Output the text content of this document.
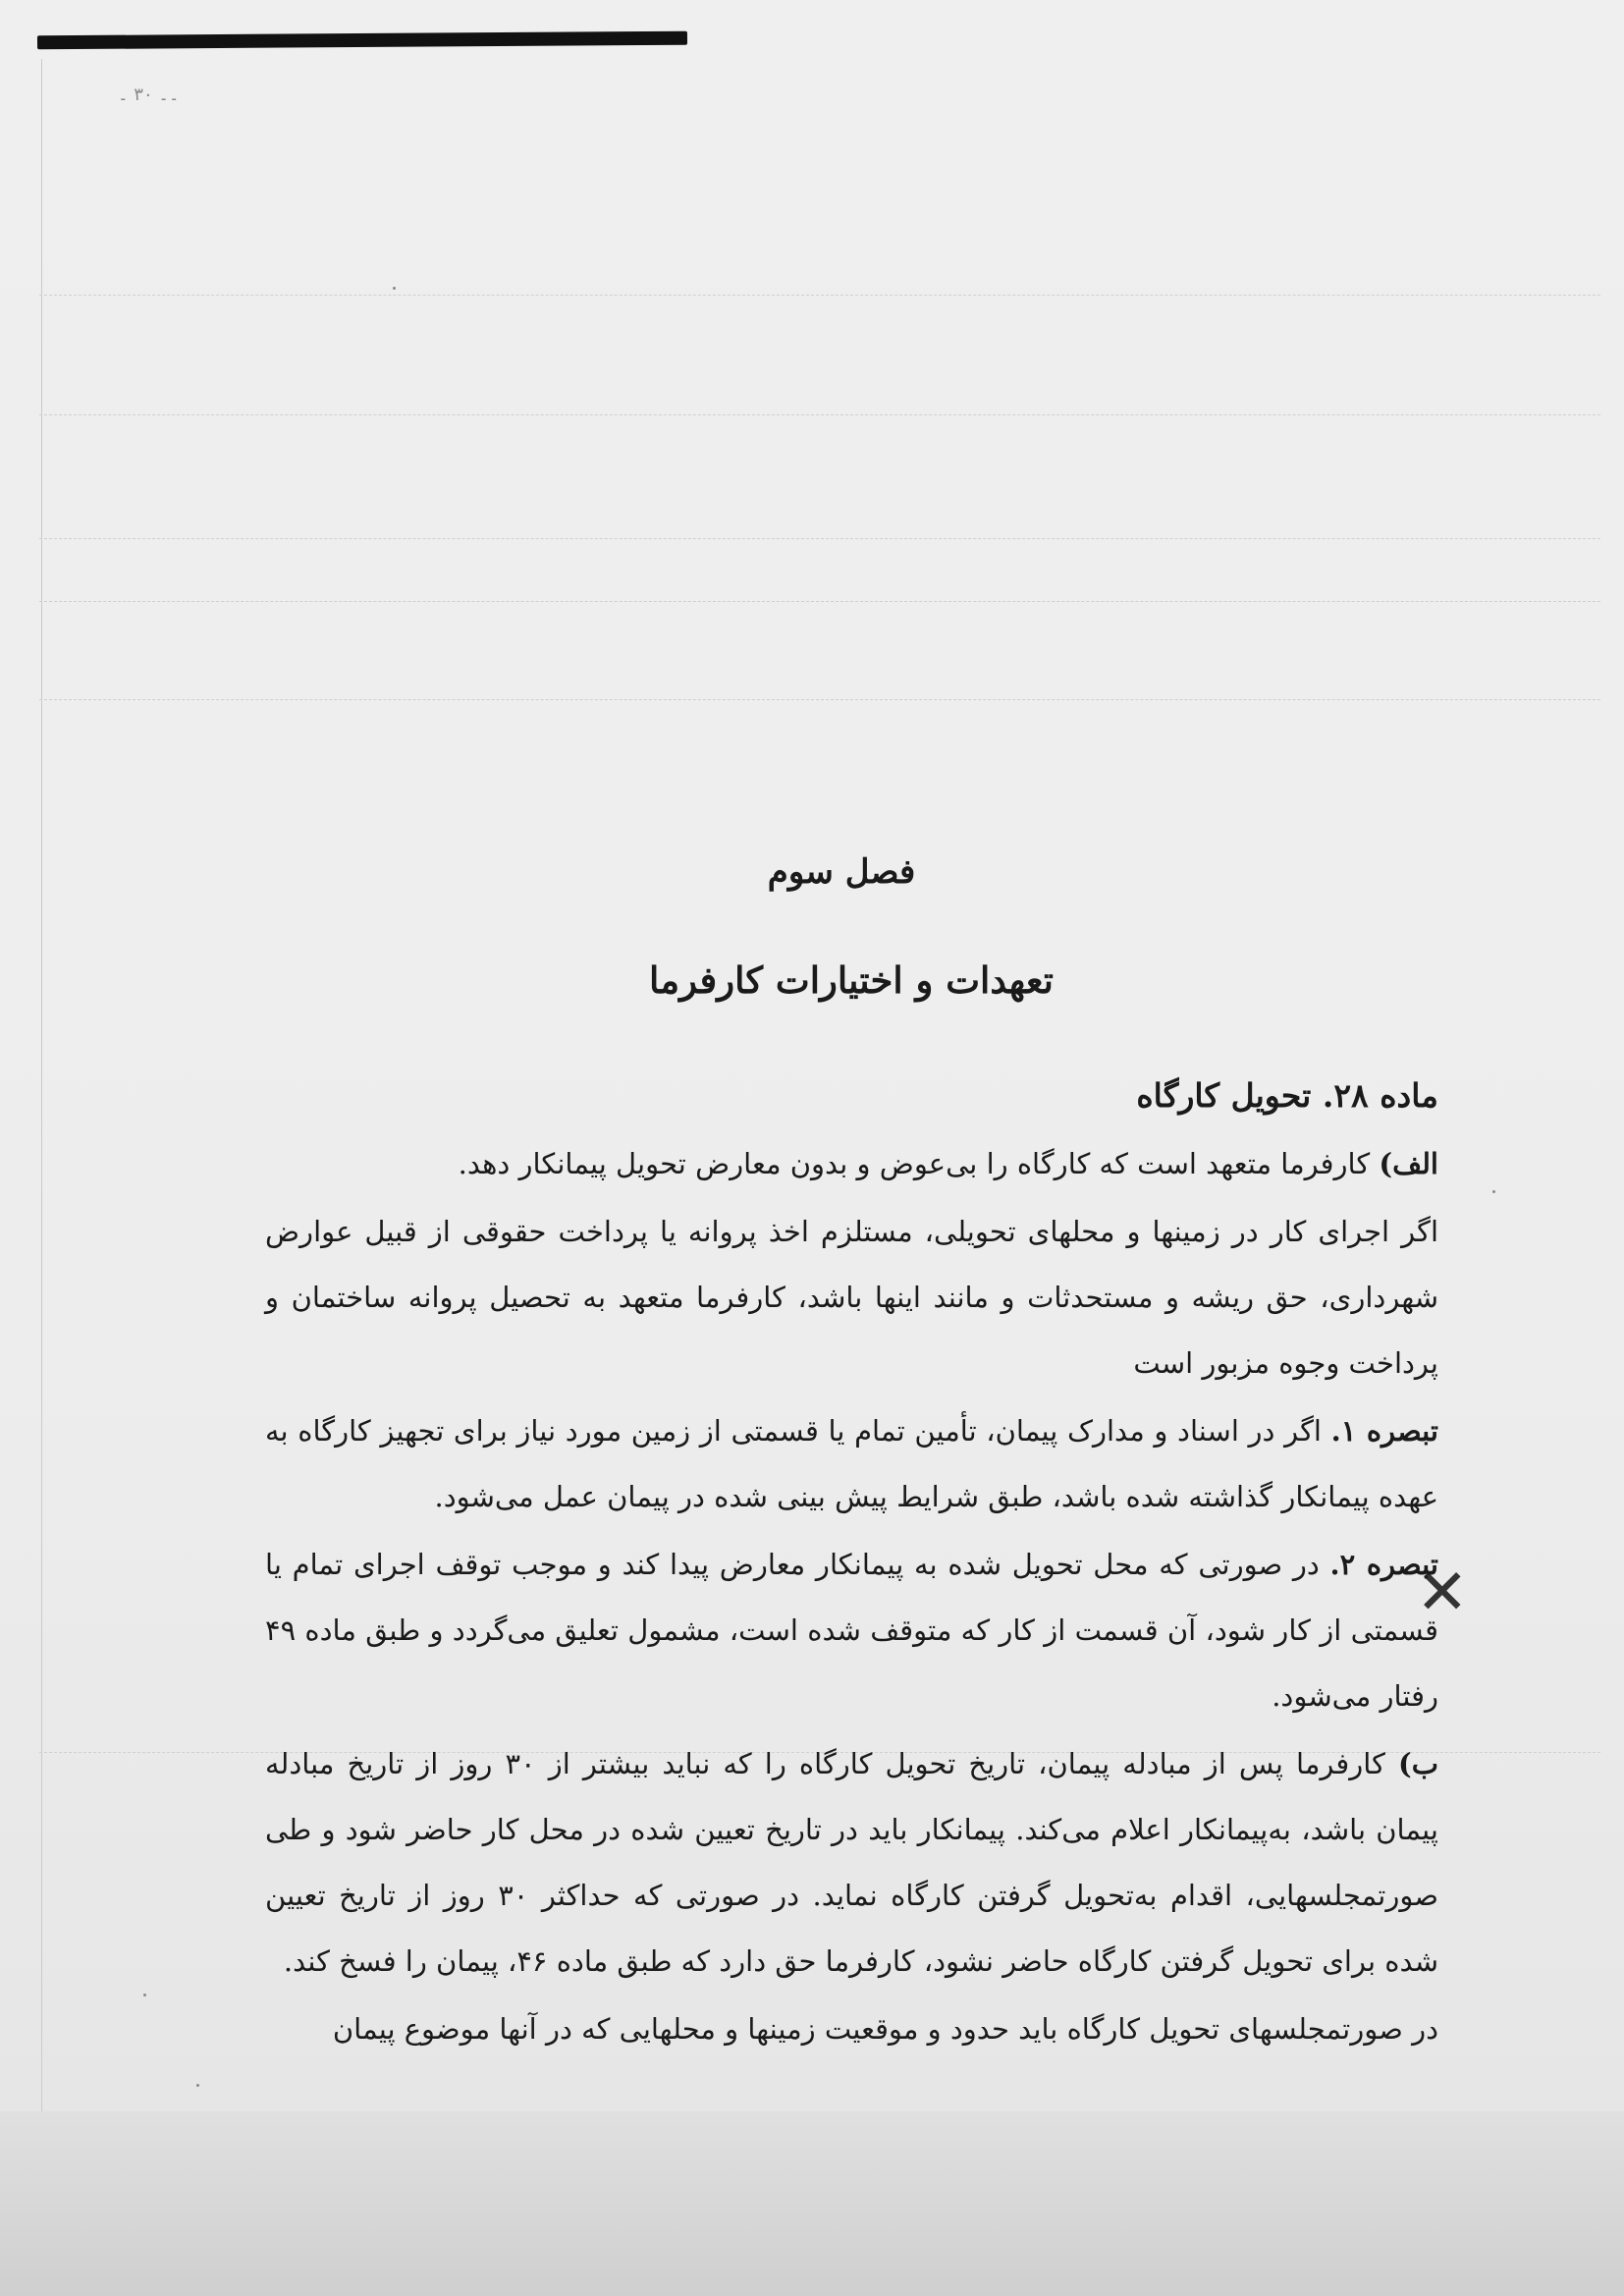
۔۔ ۳۰ ۔
فصل سوم
تعهدات و اختیارات کارفرما
✕
ماده ۲۸. تحویل کارگاه

الف) کارفرما متعهد است که کارگاه را بی‌عوض و بدون معارض تحویل پیمانکار دهد.

اگر اجرای کار در زمینها و محلهای تحویلی، مستلزم اخذ پروانه یا پرداخت حقوقی از قبیل عوارض شهرداری، حق ریشه و مستحدثات و مانند اینها باشد، کارفرما متعهد به تحصیل پروانه ساختمان و پرداخت وجوه مزبور است

تبصره ۱. اگر در اسناد و مدارک پیمان، تأمین تمام یا قسمتی از زمین مورد نیاز برای تجهیز کارگاه به عهده پیمانکار گذاشته شده باشد، طبق شرایط پیش بینی شده در پیمان عمل می‌شود.

تبصره ۲. در صورتی که محل تحویل شده به پیمانکار معارض پیدا کند و موجب توقف اجرای تمام یا قسمتی از کار شود، آن قسمت از کار که متوقف شده است، مشمول تعلیق می‌گردد و طبق ماده ۴۹ رفتار می‌شود.

ب) کارفرما پس از مبادله پیمان، تاریخ تحویل کارگاه را که نباید بیشتر از ۳۰ روز از تاریخ مبادله پیمان باشد، به‌پیمانکار اعلام می‌کند. پیمانکار باید در تاریخ تعیین شده در محل کار حاضر شود و طی صورتمجلسهایی، اقدام به‌تحویل گرفتن کارگاه نماید. در صورتی که حداکثر ۳۰ روز از تاریخ تعیین شده برای تحویل گرفتن کارگاه حاضر نشود، کارفرما حق دارد که طبق ماده ۴۶، پیمان را فسخ کند.

در صورتمجلسهای تحویل کارگاه باید حدود و موقعیت زمینها و محلهایی که در آنها موضوع پیمان
